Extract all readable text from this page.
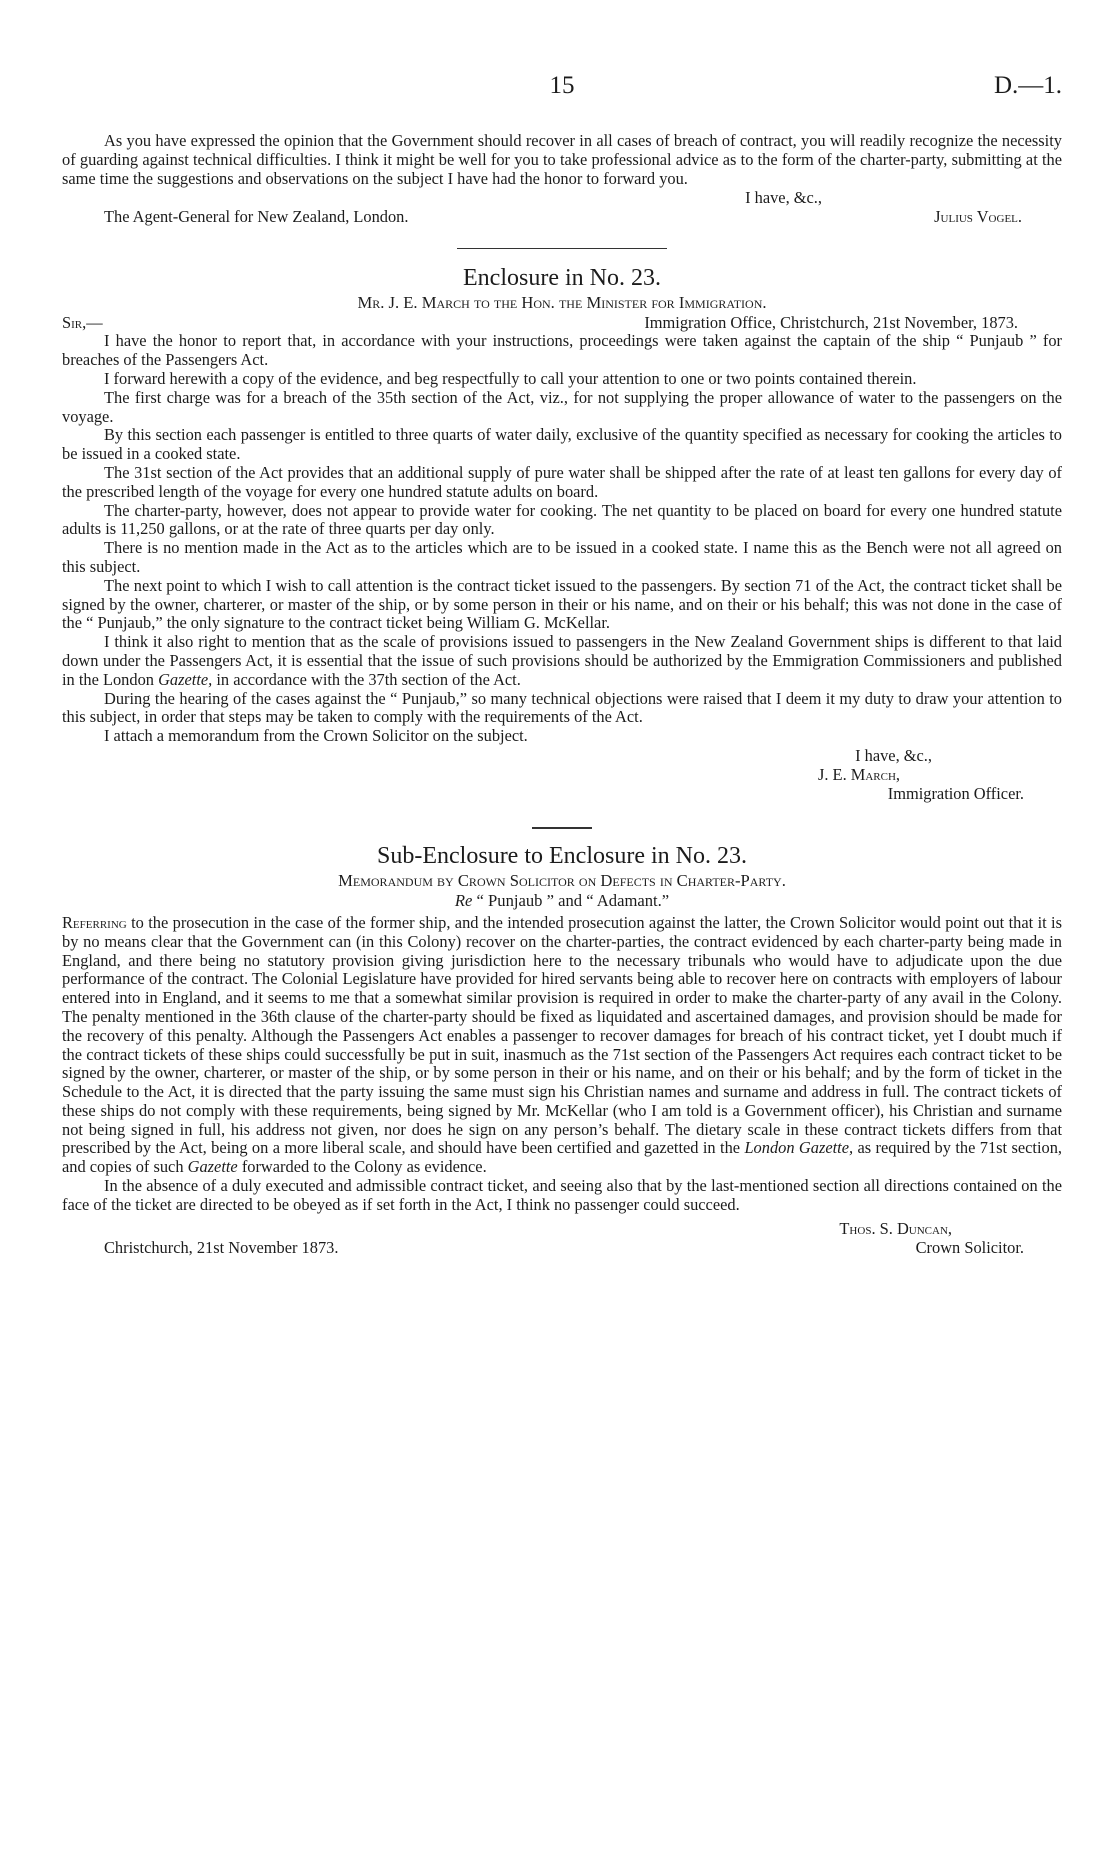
15	D.—1.

As you have expressed the opinion that the Government should recover in all cases of breach of contract, you will readily recognize the necessity of guarding against technical difficulties. I think it might be well for you to take professional advice as to the form of the charter-party, submitting at the same time the suggestions and observations on the subject I have had the honor to forward you.

I have, &c.,
The Agent-General for New Zealand, London.	Julius Vogel.
Enclosure in No. 23.
Mr. J. E. March to the Hon. the Minister for Immigration.
Sir,—	Immigration Office, Christchurch, 21st November, 1873.

I have the honor to report that, in accordance with your instructions, proceedings were taken against the captain of the ship “ Punjaub ” for breaches of the Passengers Act.

I forward herewith a copy of the evidence, and beg respectfully to call your attention to one or two points contained therein.

The first charge was for a breach of the 35th section of the Act, viz., for not supplying the proper allowance of water to the passengers on the voyage.

By this section each passenger is entitled to three quarts of water daily, exclusive of the quantity specified as necessary for cooking the articles to be issued in a cooked state.

The 31st section of the Act provides that an additional supply of pure water shall be shipped after the rate of at least ten gallons for every day of the prescribed length of the voyage for every one hundred statute adults on board.

The charter-party, however, does not appear to provide water for cooking. The net quantity to be placed on board for every one hundred statute adults is 11,250 gallons, or at the rate of three quarts per day only.

There is no mention made in the Act as to the articles which are to be issued in a cooked state. I name this as the Bench were not all agreed on this subject.

The next point to which I wish to call attention is the contract ticket issued to the passengers. By section 71 of the Act, the contract ticket shall be signed by the owner, charterer, or master of the ship, or by some person in their or his name, and on their or his behalf; this was not done in the case of the “ Punjaub,” the only signature to the contract ticket being William G. McKellar.

I think it also right to mention that as the scale of provisions issued to passengers in the New Zealand Government ships is different to that laid down under the Passengers Act, it is essential that the issue of such provisions should be authorized by the Emmigration Commissioners and published in the London Gazette, in accordance with the 37th section of the Act.

During the hearing of the cases against the “ Punjaub,” so many technical objections were raised that I deem it my duty to draw your attention to this subject, in order that steps may be taken to comply with the requirements of the Act.

I attach a memorandum from the Crown Solicitor on the subject.

I have, &c.,
J. E. March,
Immigration Officer.
Sub-Enclosure to Enclosure in No. 23.
Memorandum by Crown Solicitor on Defects in Charter-Party.
Re “ Punjaub ” and “ Adamant.”

Referring to the prosecution in the case of the former ship, and the intended prosecution against the latter, the Crown Solicitor would point out that it is by no means clear that the Government can (in this Colony) recover on the charter-parties, the contract evidenced by each charter-party being made in England, and there being no statutory provision giving jurisdiction here to the necessary tribunals who would have to adjudicate upon the due performance of the contract. The Colonial Legislature have provided for hired servants being able to recover here on contracts with employers of labour entered into in England, and it seems to me that a somewhat similar provision is required in order to make the charter-party of any avail in the Colony. The penalty mentioned in the 36th clause of the charter-party should be fixed as liquidated and ascertained damages, and provision should be made for the recovery of this penalty. Although the Passengers Act enables a passenger to recover damages for breach of his contract ticket, yet I doubt much if the contract tickets of these ships could successfully be put in suit, inasmuch as the 71st section of the Passengers Act requires each contract ticket to be signed by the owner, charterer, or master of the ship, or by some person in their or his name, and on their or his behalf; and by the form of ticket in the Schedule to the Act, it is directed that the party issuing the same must sign his Christian names and surname and address in full. The contract tickets of these ships do not comply with these requirements, being signed by Mr. McKellar (who I am told is a Government officer), his Christian and surname not being signed in full, his address not given, nor does he sign on any person’s behalf. The dietary scale in these contract tickets differs from that prescribed by the Act, being on a more liberal scale, and should have been certified and gazetted in the London Gazette, as required by the 71st section, and copies of such Gazette forwarded to the Colony as evidence.

In the absence of a duly executed and admissible contract ticket, and seeing also that by the last-mentioned section all directions contained on the face of the ticket are directed to be obeyed as if set forth in the Act, I think no passenger could succeed.

Thos. S. Duncan,
Christchurch, 21st November 1873.	Crown Solicitor.
